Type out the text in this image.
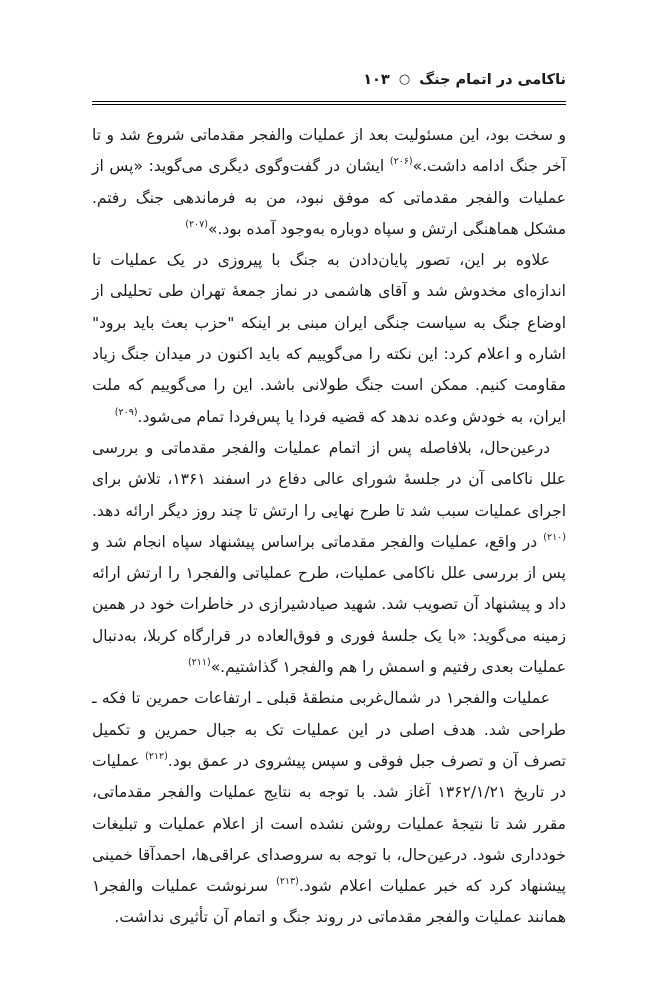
ناکامی در اتمام جنگ ○ ۱۰۳

و سخت بود، این مسئولیت بعد از عملیات والفجر مقدماتی شروع شد و تا آخر جنگ ادامه داشت.»$^{(۲۰۶)}$ ایشان در گفت‌وگوی دیگری می‌گوید: «پس از عملیات والفجر مقدماتی که موفق نبود، من به فرماندهی جنگ رفتم. مشکل هماهنگی ارتش و سپاه دوباره به‌وجود آمده بود.»$^{(۲۰۷)}$

علاوه بر این، تصور پایان‌دادن به جنگ با پیروزی در یک عملیات تا اندازه‌ای مخدوش شد و آقای هاشمی در نماز جمعهٔ تهران طی تحلیلی از اوضاع جنگ به سیاست جنگی ایران مبنی بر اینکه "حزب بعث باید برود" اشاره و اعلام کرد: این نکته را می‌گوییم که باید اکنون در میدان جنگ زیاد مقاومت کنیم. ممکن است جنگ طولانی باشد. این را می‌گوییم که ملت ایران، به خودش وعده ندهد که قضیه فردا یا پس‌فردا تمام می‌شود.$^{(۲۰۹)}$

درعین‌حال، بلافاصله پس از اتمام عملیات والفجر مقدماتی و بررسی علل ناکامی آن در جلسهٔ شورای عالی دفاع در اسفند ۱۳۶۱، تلاش برای اجرای عملیات سبب شد تا طرح نهایی را ارتش تا چند روز دیگر ارائه دهد.$^{(۲۱۰)}$ در واقع، عملیات والفجر مقدماتی براساس پیشنهاد سپاه انجام شد و پس از بررسی علل ناکامی عملیات، طرح عملیاتی والفجر۱ را ارتش ارائه داد و پیشنهاد آن تصویب شد. شهید صیادشیرازی در خاطرات خود در همین زمینه می‌گوید: «با یک جلسهٔ فوری و فوق‌العاده در قرارگاه کربلا، به‌دنبال عملیات بعدی رفتیم و اسمش را هم والفجر۱ گذاشتیم.»$^{(۲۱۱)}$

عملیات والفجر۱ در شمال‌غربی منطقهٔ قبلی ـ ارتفاعات حمرین تا فکه ـ طراحی شد. هدف اصلی در این عملیات تک به جبال حمرین و تکمیل تصرف آن و تصرف جبل فوقی و سپس پیشروی در عمق بود.$^{(۲۱۲)}$ عملیات در تاریخ ۱۳۶۲/۱/۲۱ آغاز شد. با توجه به نتایج عملیات والفجر مقدماتی، مقرر شد تا نتیجهٔ عملیات روشن نشده است از اعلام عملیات و تبلیغات خودداری شود. درعین‌حال، با توجه به سروصدای عراقی‌ها، احمدآقا خمینی پیشنهاد کرد که خبر عملیات اعلام شود.$^{(۲۱۳)}$ سرنوشت عملیات والفجر۱ همانند عملیات والفجر مقدماتی در روند جنگ و اتمام آن تأثیری نداشت.
